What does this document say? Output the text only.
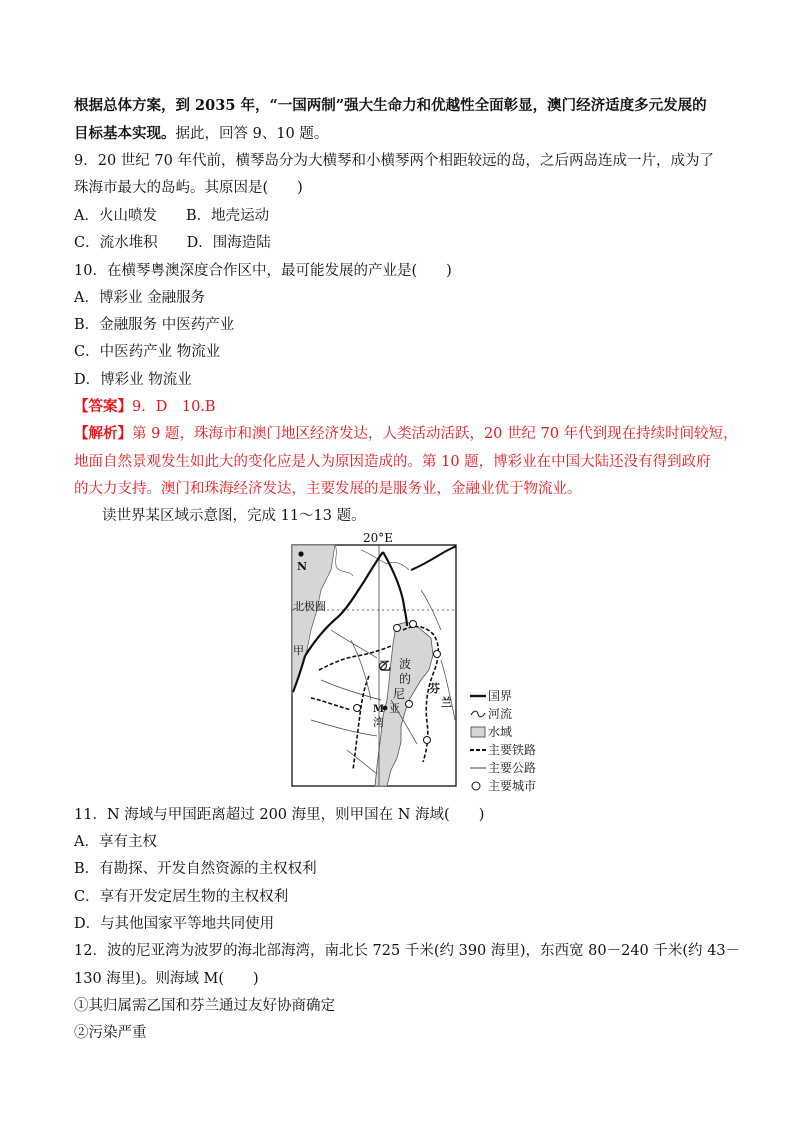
根据总体方案，到 2035 年，“一国两制”强大生命力和优越性全面彰显，澳门经济适度多元发展的
目标基本实现。据此，回答 9、10 题。
9．20 世纪 70 年代前，横琴岛分为大横琴和小横琴两个相距较远的岛，之后两岛连成一片，成为了
珠海市最大的岛屿。其原因是(　　)
A．火山喷发　　B．地壳运动
C．流水堆积　　D．围海造陆
10．在横琴粤澳深度合作区中，最可能发展的产业是(　　)
A．博彩业 金融服务
B．金融服务 中医药产业
C．中医药产业 物流业
D．博彩业 物流业
【答案】9．D　10.B
【解析】第 9 题，珠海市和澳门地区经济发达，人类活动活跃，20 世纪 70 年代到现在持续时间较短，
地面自然景观发生如此大的变化应是人为原因造成的。第 10 题，博彩业在中国大陆还没有得到政府
的大力支持。澳门和珠海经济发达，主要发展的是服务业，金融业优于物流业。
读世界某区域示意图，完成 11～13 题。
20°E
N
北极圈
甲
乙 波
的
尼
M 亚
湾
芬
兰	国界
河流
水域
主要铁路
主要公路
主要城市
11．N 海域与甲国距离超过 200 海里，则甲国在 N 海域(　　)
A．享有主权
B．有勘探、开发自然资源的主权权利
C．享有开发定居生物的主权权利
D．与其他国家平等地共同使用
12．波的尼亚湾为波罗的海北部海湾，南北长 725 千米(约 390 海里)，东西宽 80－240 千米(约 43－
130 海里)。则海域 M(　　)
①其归属需乙国和芬兰通过友好协商确定
②污染严重
